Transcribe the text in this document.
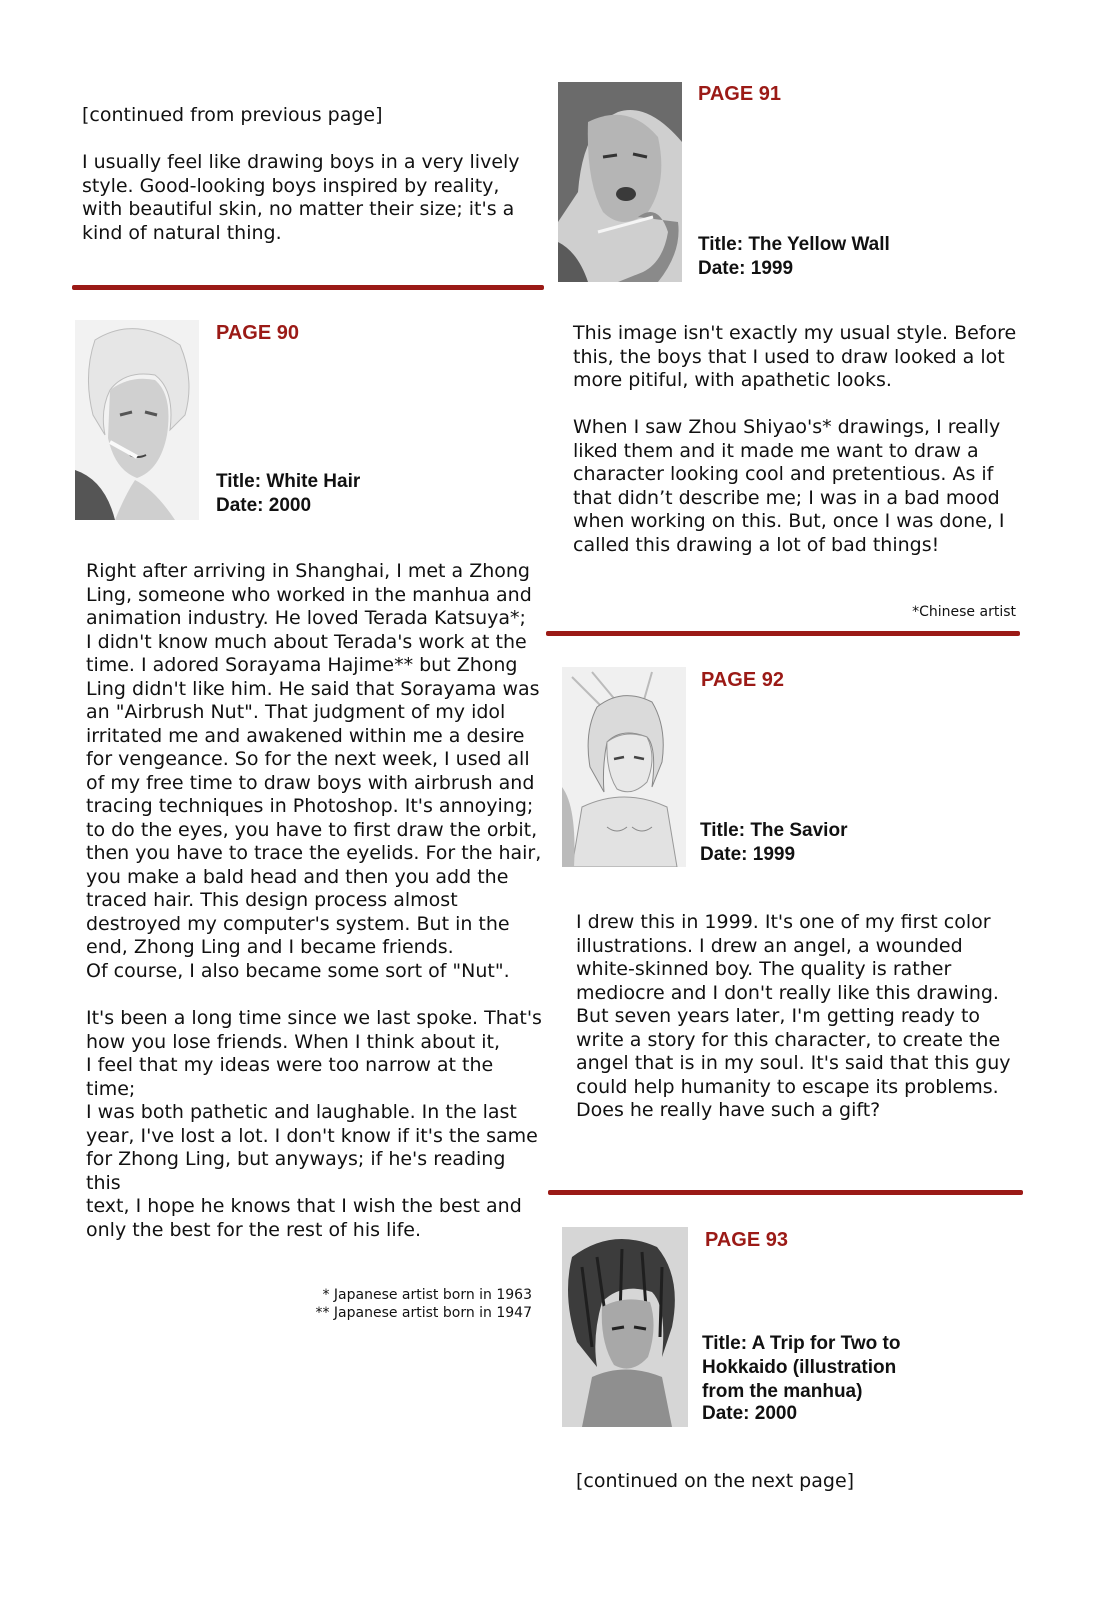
[continued from previous page]
I usually feel like drawing boys in a very lively
style. Good-looking boys inspired by reality,
with beautiful skin, no matter their size; it's a
kind of natural thing.
PAGE 90
Title: White Hair
Date: 2000
Right after arriving in Shanghai, I met a Zhong
Ling, someone who worked in the manhua and
animation industry. He loved Terada Katsuya*;
I didn't know much about Terada's work at the
time. I adored Sorayama Hajime** but Zhong
Ling didn't like him. He said that Sorayama was
an "Airbrush Nut". That judgment of my idol
irritated me and awakened within me a desire
for vengeance. So for the next week, I used all
of my free time to draw boys with airbrush and
tracing techniques in Photoshop. It's annoying;
to do the eyes, you have to first draw the orbit,
then you have to trace the eyelids. For the hair,
you make a bald head and then you add the
traced hair. This design process almost
destroyed my computer's system. But in the
end, Zhong Ling and I became friends.
Of course, I also became some sort of "Nut".
It's been a long time since we last spoke. That's
how you lose friends. When I think about it,
I feel that my ideas were too narrow at the time;
I was both pathetic and laughable. In the last
year, I've lost a lot. I don't know if it's the same
for Zhong Ling, but anyways; if he's reading this
text, I hope he knows that I wish the best and
only the best for the rest of his life.
* Japanese artist born in 1963
** Japanese artist born in 1947
PAGE 91
Title: The Yellow Wall
Date: 1999
This image isn't exactly my usual style. Before
this, the boys that I used to draw looked a lot
more pitiful, with apathetic looks.
When I saw Zhou Shiyao's* drawings, I really
liked them and it made me want to draw a
character looking cool and pretentious. As if
that didn’t describe me; I was in a bad mood
when working on this. But, once I was done, I
called this drawing a lot of bad things!
*Chinese artist
PAGE 92
Title: The Savior
Date: 1999
I drew this in 1999. It's one of my first color
illustrations. I drew an angel, a wounded
white-skinned boy. The quality is rather
mediocre and I don't really like this drawing.
But seven years later, I'm getting ready to
write a story for this character, to create the
angel that is in my soul. It's said that this guy
could help humanity to escape its problems.
Does he really have such a gift?
PAGE 93
Title: A Trip for Two to
Hokkaido (illustration
from the manhua)
Date: 2000
[continued on the next page]
